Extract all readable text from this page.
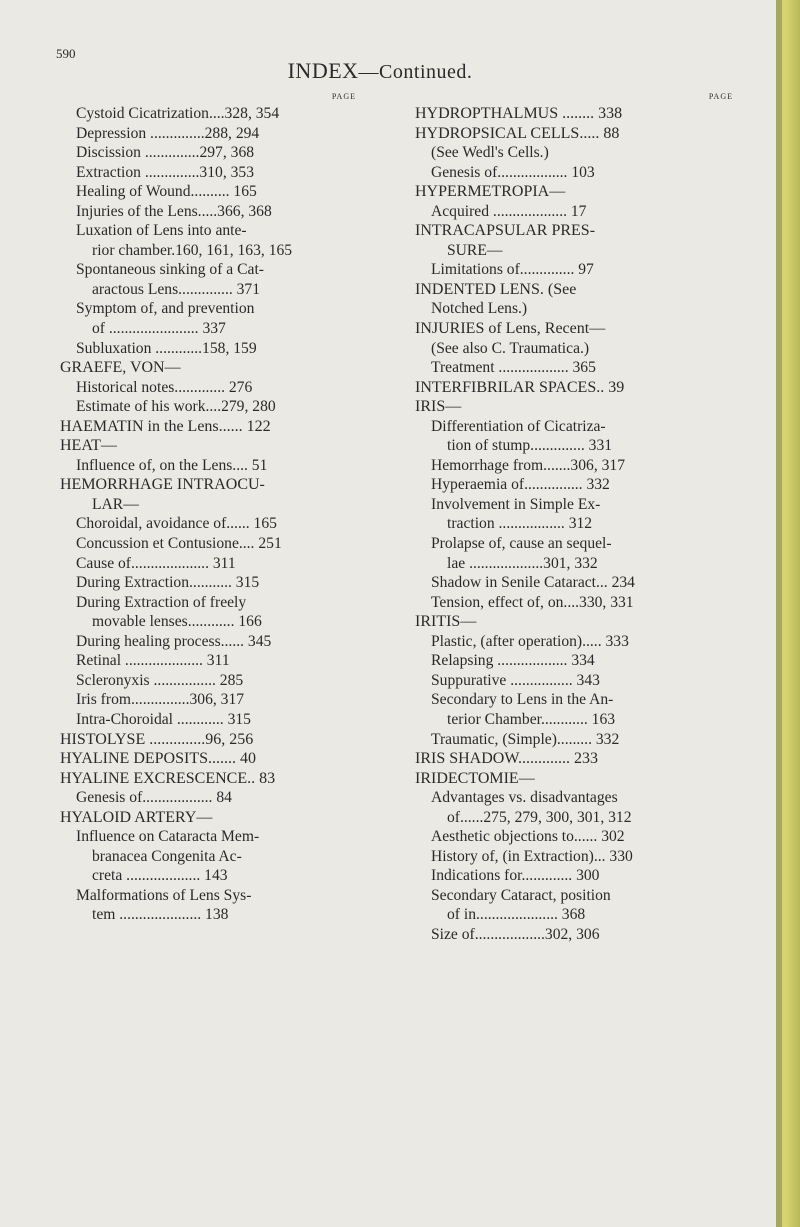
590
INDEX—Continued.
PAGE
Cystoid Cicatrization....328, 354
Depression ..............288, 294
Discission ..............297, 368
Extraction ..............310, 353
Healing of Wound.......... 165
Injuries of the Lens.....366, 368
Luxation of Lens into ante-
rior chamber.160, 161, 163, 165
Spontaneous sinking of a Cat-
aractous Lens.............. 371
Symptom of, and prevention
of ....................... 337
Subluxation ............158, 159
GRAEFE, VON—
Historical notes............. 276
Estimate of his work....279, 280
HAEMATIN in the Lens...... 122
HEAT—
Influence of, on the Lens.... 51
HEMORRHAGE INTRAOCU-
LAR—
Choroidal, avoidance of...... 165
Concussion et Contusione.... 251
Cause of.................... 311
During Extraction........... 315
During Extraction of freely
movable lenses............ 166
During healing process...... 345
Retinal .................... 311
Scleronyxis ................ 285
Iris from...............306, 317
Intra-Choroidal ............ 315
HISTOLYSE ..............96, 256
HYALINE DEPOSITS....... 40
HYALINE EXCRESCENCE.. 83
Genesis of.................. 84
HYALOID ARTERY—
Influence on Cataracta Mem-
branacea Congenita Ac-
creta ................... 143
Malformations of Lens Sys-
tem ..................... 138
PAGE
HYDROPTHALMUS ........ 338
HYDROPSICAL CELLS..... 88
(See Wedl's Cells.)
Genesis of.................. 103
HYPERMETROPIA—
Acquired ................... 17
INTRACAPSULAR PRES-
SURE—
Limitations of.............. 97
INDENTED LENS. (See
Notched Lens.)
INJURIES of Lens, Recent—
(See also C. Traumatica.)
Treatment .................. 365
INTERFIBRILAR SPACES.. 39
IRIS—
Differentiation of Cicatriza-
tion of stump.............. 331
Hemorrhage from.......306, 317
Hyperaemia of............... 332
Involvement in Simple Ex-
traction ................. 312
Prolapse of, cause an sequel-
lae ...................301, 332
Shadow in Senile Cataract... 234
Tension, effect of, on....330, 331
IRITIS—
Plastic, (after operation)..... 333
Relapsing .................. 334
Suppurative ................ 343
Secondary to Lens in the An-
terior Chamber............ 163
Traumatic, (Simple)......... 332
IRIS SHADOW............. 233
IRIDECTOMIE—
Advantages vs. disadvantages
of......275, 279, 300, 301, 312
Aesthetic objections to...... 302
History of, (in Extraction)... 330
Indications for............. 300
Secondary Cataract, position
of in..................... 368
Size of..................302, 306
